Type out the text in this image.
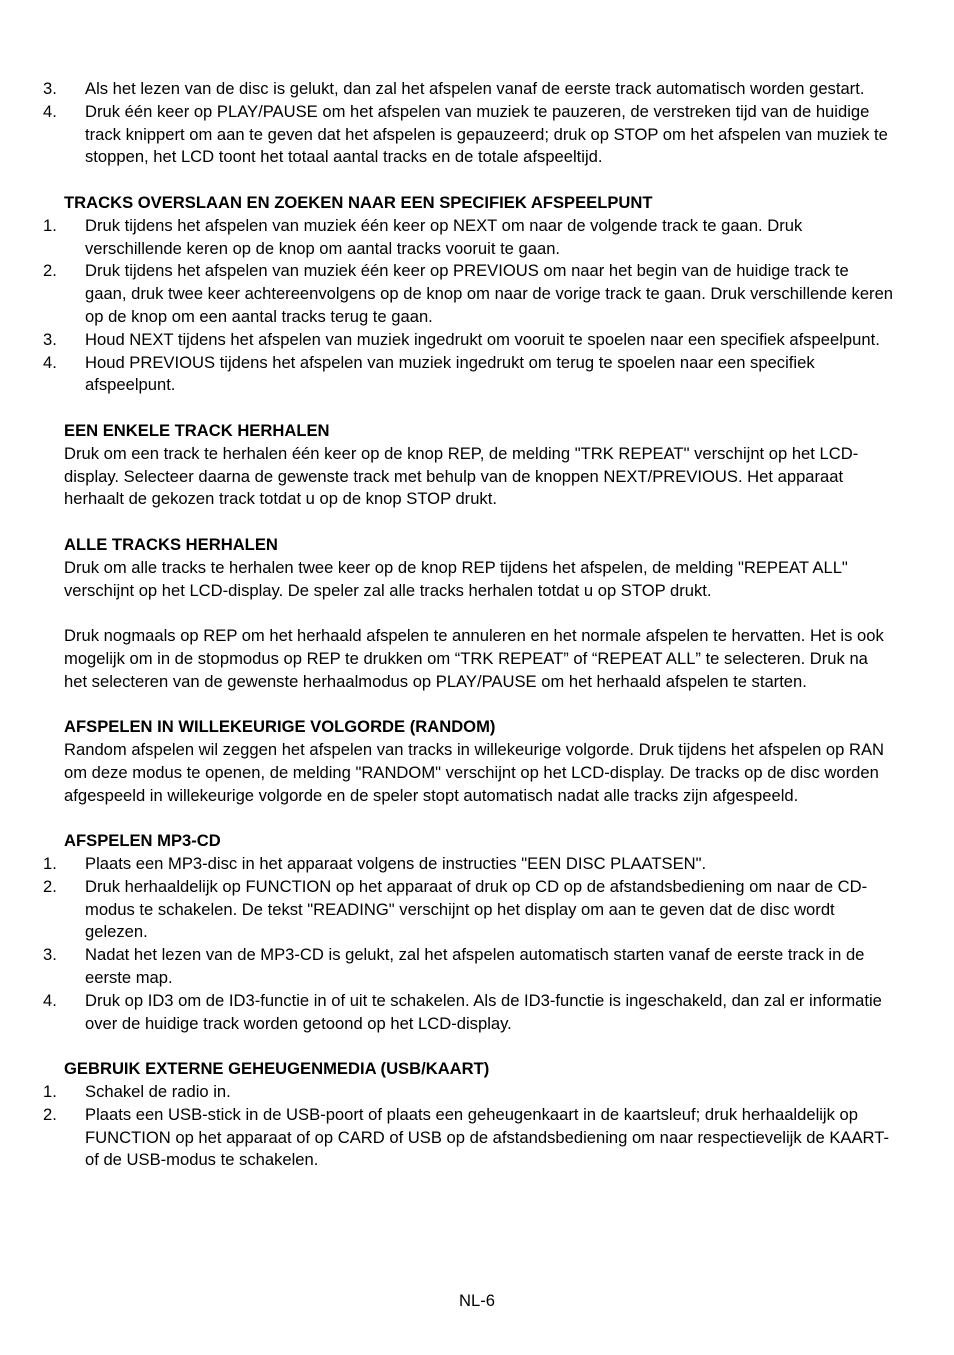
3. Als het lezen van de disc is gelukt, dan zal het afspelen vanaf de eerste track automatisch worden gestart.
4. Druk één keer op PLAY/PAUSE om het afspelen van muziek te pauzeren, de verstreken tijd van de huidige track knippert om aan te geven dat het afspelen is gepauzeerd; druk op STOP om het afspelen van muziek te stoppen, het LCD toont het totaal aantal tracks en de totale afspeeltijd.
TRACKS OVERSLAAN EN ZOEKEN NAAR EEN SPECIFIEK AFSPEELPUNT
1. Druk tijdens het afspelen van muziek één keer op NEXT om naar de volgende track te gaan. Druk verschillende keren op de knop om aantal tracks vooruit te gaan.
2. Druk tijdens het afspelen van muziek één keer op PREVIOUS om naar het begin van de huidige track te gaan, druk twee keer achtereenvolgens op de knop om naar de vorige track te gaan. Druk verschillende keren op de knop om een aantal tracks terug te gaan.
3. Houd NEXT tijdens het afspelen van muziek ingedrukt om vooruit te spoelen naar een specifiek afspeelpunt.
4. Houd PREVIOUS tijdens het afspelen van muziek ingedrukt om terug te spoelen naar een specifiek afspeelpunt.
EEN ENKELE TRACK HERHALEN

Druk om een track te herhalen één keer op de knop REP, de melding "TRK REPEAT" verschijnt op het LCD-display. Selecteer daarna de gewenste track met behulp van de knoppen NEXT/PREVIOUS. Het apparaat herhaalt de gekozen track totdat u op de knop STOP drukt.

ALLE TRACKS HERHALEN

Druk om alle tracks te herhalen twee keer op de knop REP tijdens het afspelen, de melding "REPEAT ALL" verschijnt op het LCD-display. De speler zal alle tracks herhalen totdat u op STOP drukt.

Druk nogmaals op REP om het herhaald afspelen te annuleren en het normale afspelen te hervatten. Het is ook mogelijk om in de stopmodus op REP te drukken om “TRK REPEAT” of “REPEAT ALL” te selecteren. Druk na het selecteren van de gewenste herhaalmodus op PLAY/PAUSE om het herhaald afspelen te starten.

AFSPELEN IN WILLEKEURIGE VOLGORDE (RANDOM)

Random afspelen wil zeggen het afspelen van tracks in willekeurige volgorde. Druk tijdens het afspelen op RAN om deze modus te openen, de melding "RANDOM" verschijnt op het LCD-display. De tracks op de disc worden afgespeeld in willekeurige volgorde en de speler stopt automatisch nadat alle tracks zijn afgespeeld.

AFSPELEN MP3-CD
1. Plaats een MP3-disc in het apparaat volgens de instructies "EEN DISC PLAATSEN".
2. Druk herhaaldelijk op FUNCTION op het apparaat of druk op CD op de afstandsbediening om naar de CD-modus te schakelen. De tekst "READING" verschijnt op het display om aan te geven dat de disc wordt gelezen.
3. Nadat het lezen van de MP3-CD is gelukt, zal het afspelen automatisch starten vanaf de eerste track in de eerste map.
4. Druk op ID3 om de ID3-functie in of uit te schakelen. Als de ID3-functie is ingeschakeld, dan zal er informatie over de huidige track worden getoond op het LCD-display.
GEBRUIK EXTERNE GEHEUGENMEDIA (USB/KAART)
1. Schakel de radio in.
2. Plaats een USB-stick in de USB-poort of plaats een geheugenkaart in de kaartsleuf; druk herhaaldelijk op FUNCTION op het apparaat of op CARD of USB op de afstandsbediening om naar respectievelijk de KAART- of de USB-modus te schakelen.
NL-6
